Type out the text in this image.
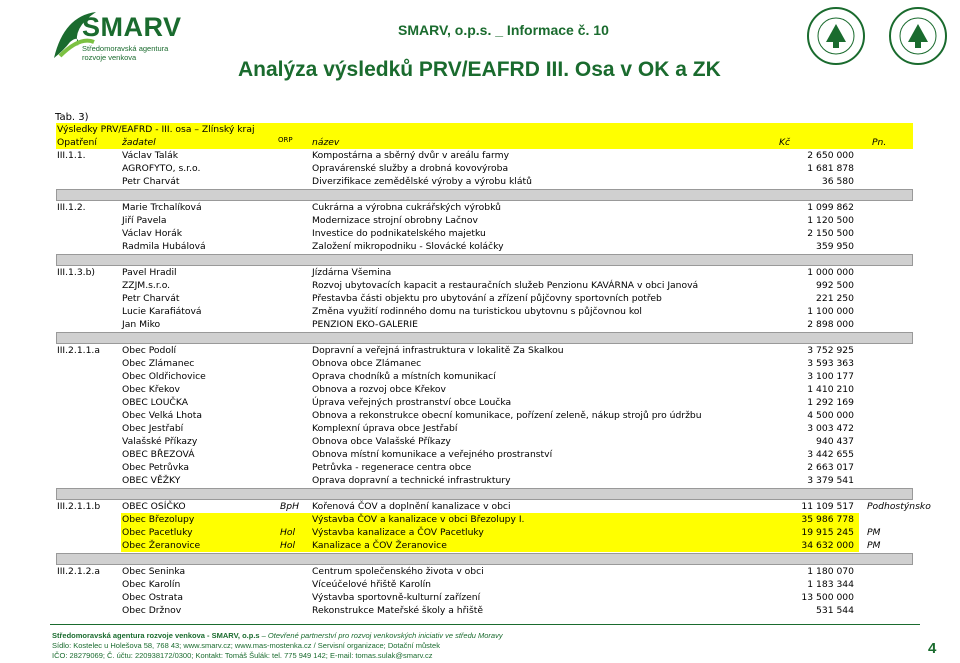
SMARV
Středomoravská agentura
rozvoje venkova
SMARV, o.p.s. _ Informace č. 10
Analýza výsledků PRV/EAFRD III. Osa v OK a ZK
Tab. 3)
Výsledky PRV/EAFRD - III. osa – Zlínský kraj
Opatření	žadatel	ORP název	Kč	Pn.
III.1.1.	Václav Talák	Kompostárna a sběrný dvůr v areálu farmy	2 650 000
AGROFYTO, s.r.o.	Opravárenské služby a drobná kovovýroba	1 681 878
Petr Charvát	Diverzifikace zemědělské výroby a výrobu klátů	36 580
III.1.2.	Marie Trchalíková	Cukrárna a výrobna cukrářských výrobků	1 099 862
Jiří Pavela	Modernizace strojní obrobny Lačnov	1 120 500
Václav Horák	Investice do podnikatelského majetku	2 150 500
Radmila Hubálová	Založení mikropodniku - Slovácké koláčky	359 950
III.1.3.b)	Pavel Hradil	Jízdárna Všemina	1 000 000
ZZJM.s.r.o.	Rozvoj ubytovacích kapacit a restauračních služeb Penzionu KAVÁRNA v obci Janová	992 500
Petr Charvát	Přestavba části objektu pro ubytování a zřízení půjčovny sportovních potřeb	221 250
Lucie Karafiátová	Změna využití rodinného domu na turistickou ubytovnu s půjčovnou kol	1 100 000
Jan Miko	PENZION EKO-GALERIE	2 898 000
III.2.1.1.a Obec Podolí	Dopravní a veřejná infrastruktura v lokalitě Za Skalkou	3 752 925
Obec Zlámanec	Obnova obce Zlámanec	3 593 363
Obec Oldřichovice	Oprava chodníků a místních komunikací	3 100 177
Obec Křekov	Obnova a rozvoj obce Křekov	1 410 210
OBEC LOUČKA	Úprava veřejných prostranství obce Loučka	1 292 169
Obec Velká Lhota	Obnova a rekonstrukce obecní komunikace, pořízení zeleně, nákup strojů pro údržbu	4 500 000
Obec Jestřabí	Komplexní úprava obce Jestřabí	3 003 472
Valašské Příkazy	Obnova obce Valašské Příkazy	940 437
OBEC BŘEZOVÁ	Obnova místní komunikace a veřejného prostranství	3 442 655
Obec Petrůvka	Petrůvka - regenerace centra obce	2 663 017
OBEC VĚŽKY	Oprava dopravní a technické infrastruktury	3 379 541
III.2.1.1.b OBEC OSÍČKO	BpH Kořenová ČOV a doplnění kanalizace v obci	11 109 517 Podhostýnsko
Obec Březolupy	Výstavba ČOV a kanalizace v obci Březolupy I.	35 986 778
Obec Pacetluky	Hol Výstavba kanalizace a ČOV Pacetluky	19 915 245 PM
Obec Žeranovice	Hol Kanalizace a ČOV Žeranovice	34 632 000 PM
III.2.1.2.a Obec Seninka	Centrum společenského života v obci	1 180 070
Obec Karolín	Víceúčelové hřiště Karolín	1 183 344
Obec Ostrata	Výstavba sportovně-kulturní zařízení	13 500 000
Obec Držnov	Rekonstrukce Mateřské školy a hřiště	531 544
Středomoravská agentura rozvoje venkova - SMARV, o.p.s – Otevřené partnerství pro rozvoj venkovských iniciativ ve středu Moravy
Sídlo: Kostelec u Holešova 58, 768 43; www.smarv.cz; www.mas-mostenka.cz / Servisní organizace; Dotační můstek
IČO: 28279069; Č. účtu: 220938172/0300; Kontakt: Tomáš Šulák: tel. 775 949 142; E-mail: tomas.sulak@smarv.cz	4
